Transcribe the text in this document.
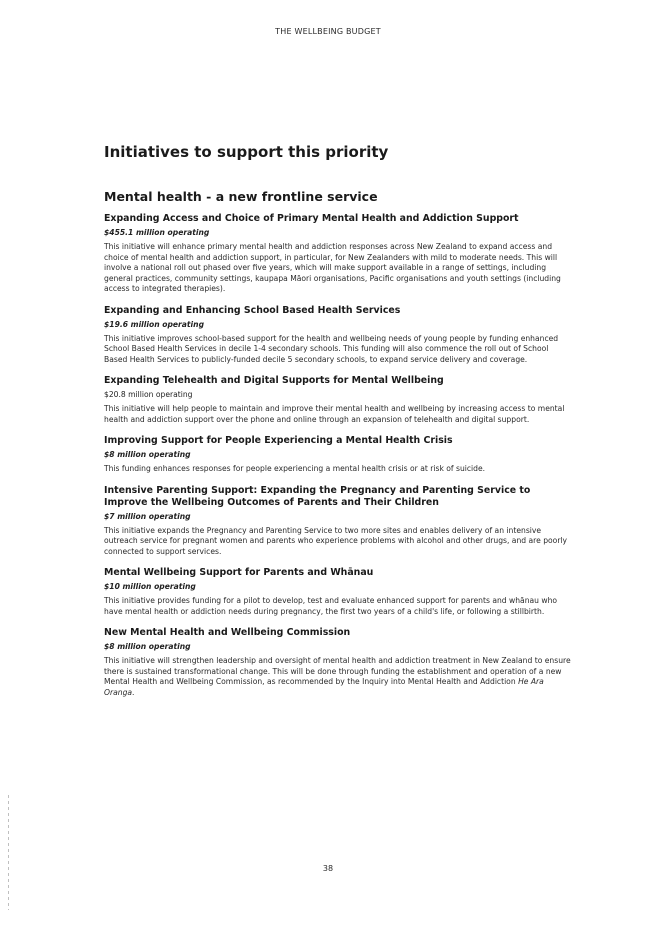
THE WELLBEING BUDGET
Initiatives to support this priority
Mental health - a new frontline service
Expanding Access and Choice of Primary Mental Health and Addiction Support

$455.1 million operating

This initiative will enhance primary mental health and addiction responses across New Zealand to expand access and choice of mental health and addiction support, in particular, for New Zealanders with mild to moderate needs. This will involve a national roll out phased over five years, which will make support available in a range of settings, including general practices, community settings, kaupapa Māori organisations, Pacific organisations and youth settings (including access to integrated therapies).

Expanding and Enhancing School Based Health Services

$19.6 million operating

This initiative improves school-based support for the health and wellbeing needs of young people by funding enhanced School Based Health Services in decile 1-4 secondary schools. This funding will also commence the roll out of School Based Health Services to publicly-funded decile 5 secondary schools, to expand service delivery and coverage.

Expanding Telehealth and Digital Supports for Mental Wellbeing

$20.8 million operating

This initiative will help people to maintain and improve their mental health and wellbeing by increasing access to mental health and addiction support over the phone and online through an expansion of telehealth and digital support.

Improving Support for People Experiencing a Mental Health Crisis

$8 million operating

This funding enhances responses for people experiencing a mental health crisis or at risk of suicide.

Intensive Parenting Support: Expanding the Pregnancy and Parenting Service to Improve the Wellbeing Outcomes of Parents and Their Children

$7 million operating

This initiative expands the Pregnancy and Parenting Service to two more sites and enables delivery of an intensive outreach service for pregnant women and parents who experience problems with alcohol and other drugs, and are poorly connected to support services.

Mental Wellbeing Support for Parents and Whānau

$10 million operating

This initiative provides funding for a pilot to develop, test and evaluate enhanced support for parents and whānau who have mental health or addiction needs during pregnancy, the first two years of a child's life, or following a stillbirth.

New Mental Health and Wellbeing Commission

$8 million operating

This initiative will strengthen leadership and oversight of mental health and addiction treatment in New Zealand to ensure there is sustained transformational change. This will be done through funding the establishment and operation of a new Mental Health and Wellbeing Commission, as recommended by the Inquiry into Mental Health and Addiction He Ara Oranga.

38
